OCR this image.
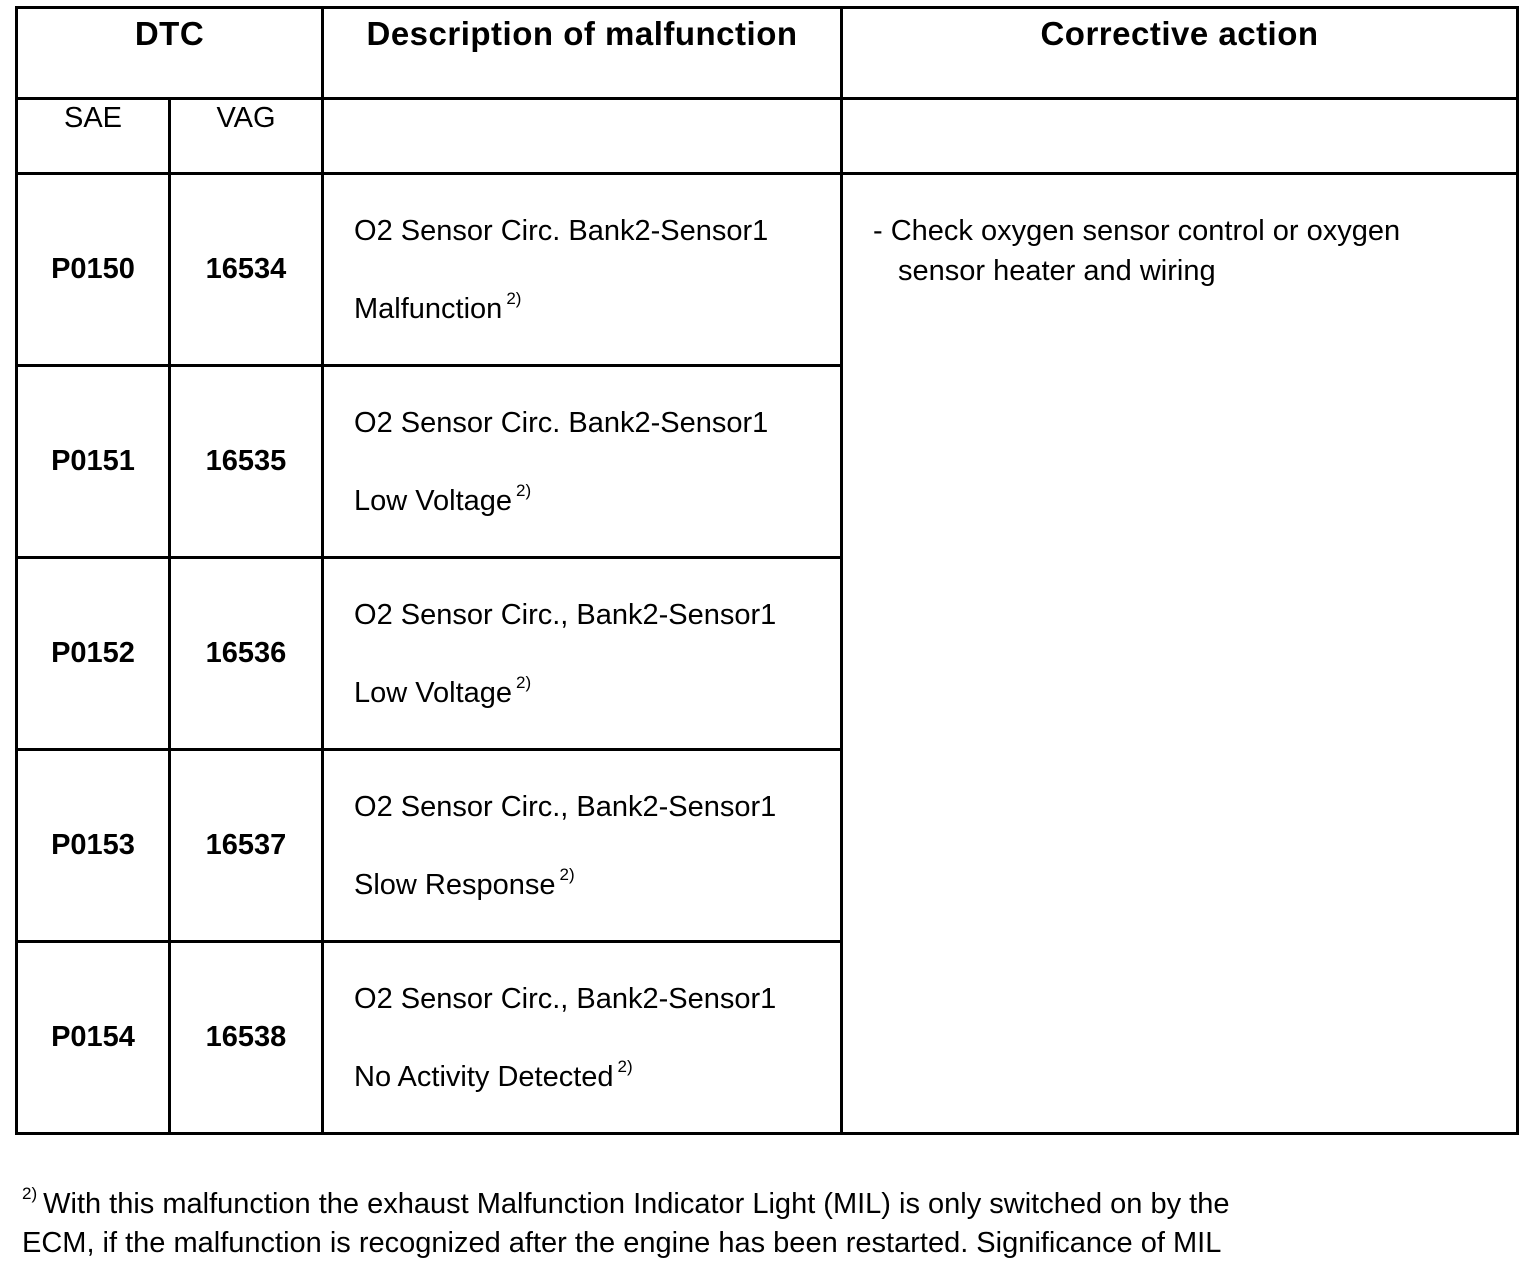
DTC		Description of malfunction	Corrective action
SAE	VAG		
P0150	16534	O2 Sensor Circ. Bank2-Sensor1
Malfunction $^{2)}$	- Check oxygen sensor control or oxygen
sensor heater and wiring

P0151	16535	O2 Sensor Circ. Bank2-Sensor1
Low Voltage $^{2)}$

P0152	16536	O2 Sensor Circ., Bank2-Sensor1
Low Voltage $^{2)}$

P0153	16537	O2 Sensor Circ., Bank2-Sensor1
Slow Response $^{2)}$

P0154	16538	O2 Sensor Circ., Bank2-Sensor1
No Activity Detected $^{2)}$
$^{2)}$ With this malfunction the exhaust Malfunction Indicator Light (MIL) is only switched on by the
ECM, if the malfunction is recognized after the engine has been restarted. Significance of MIL
